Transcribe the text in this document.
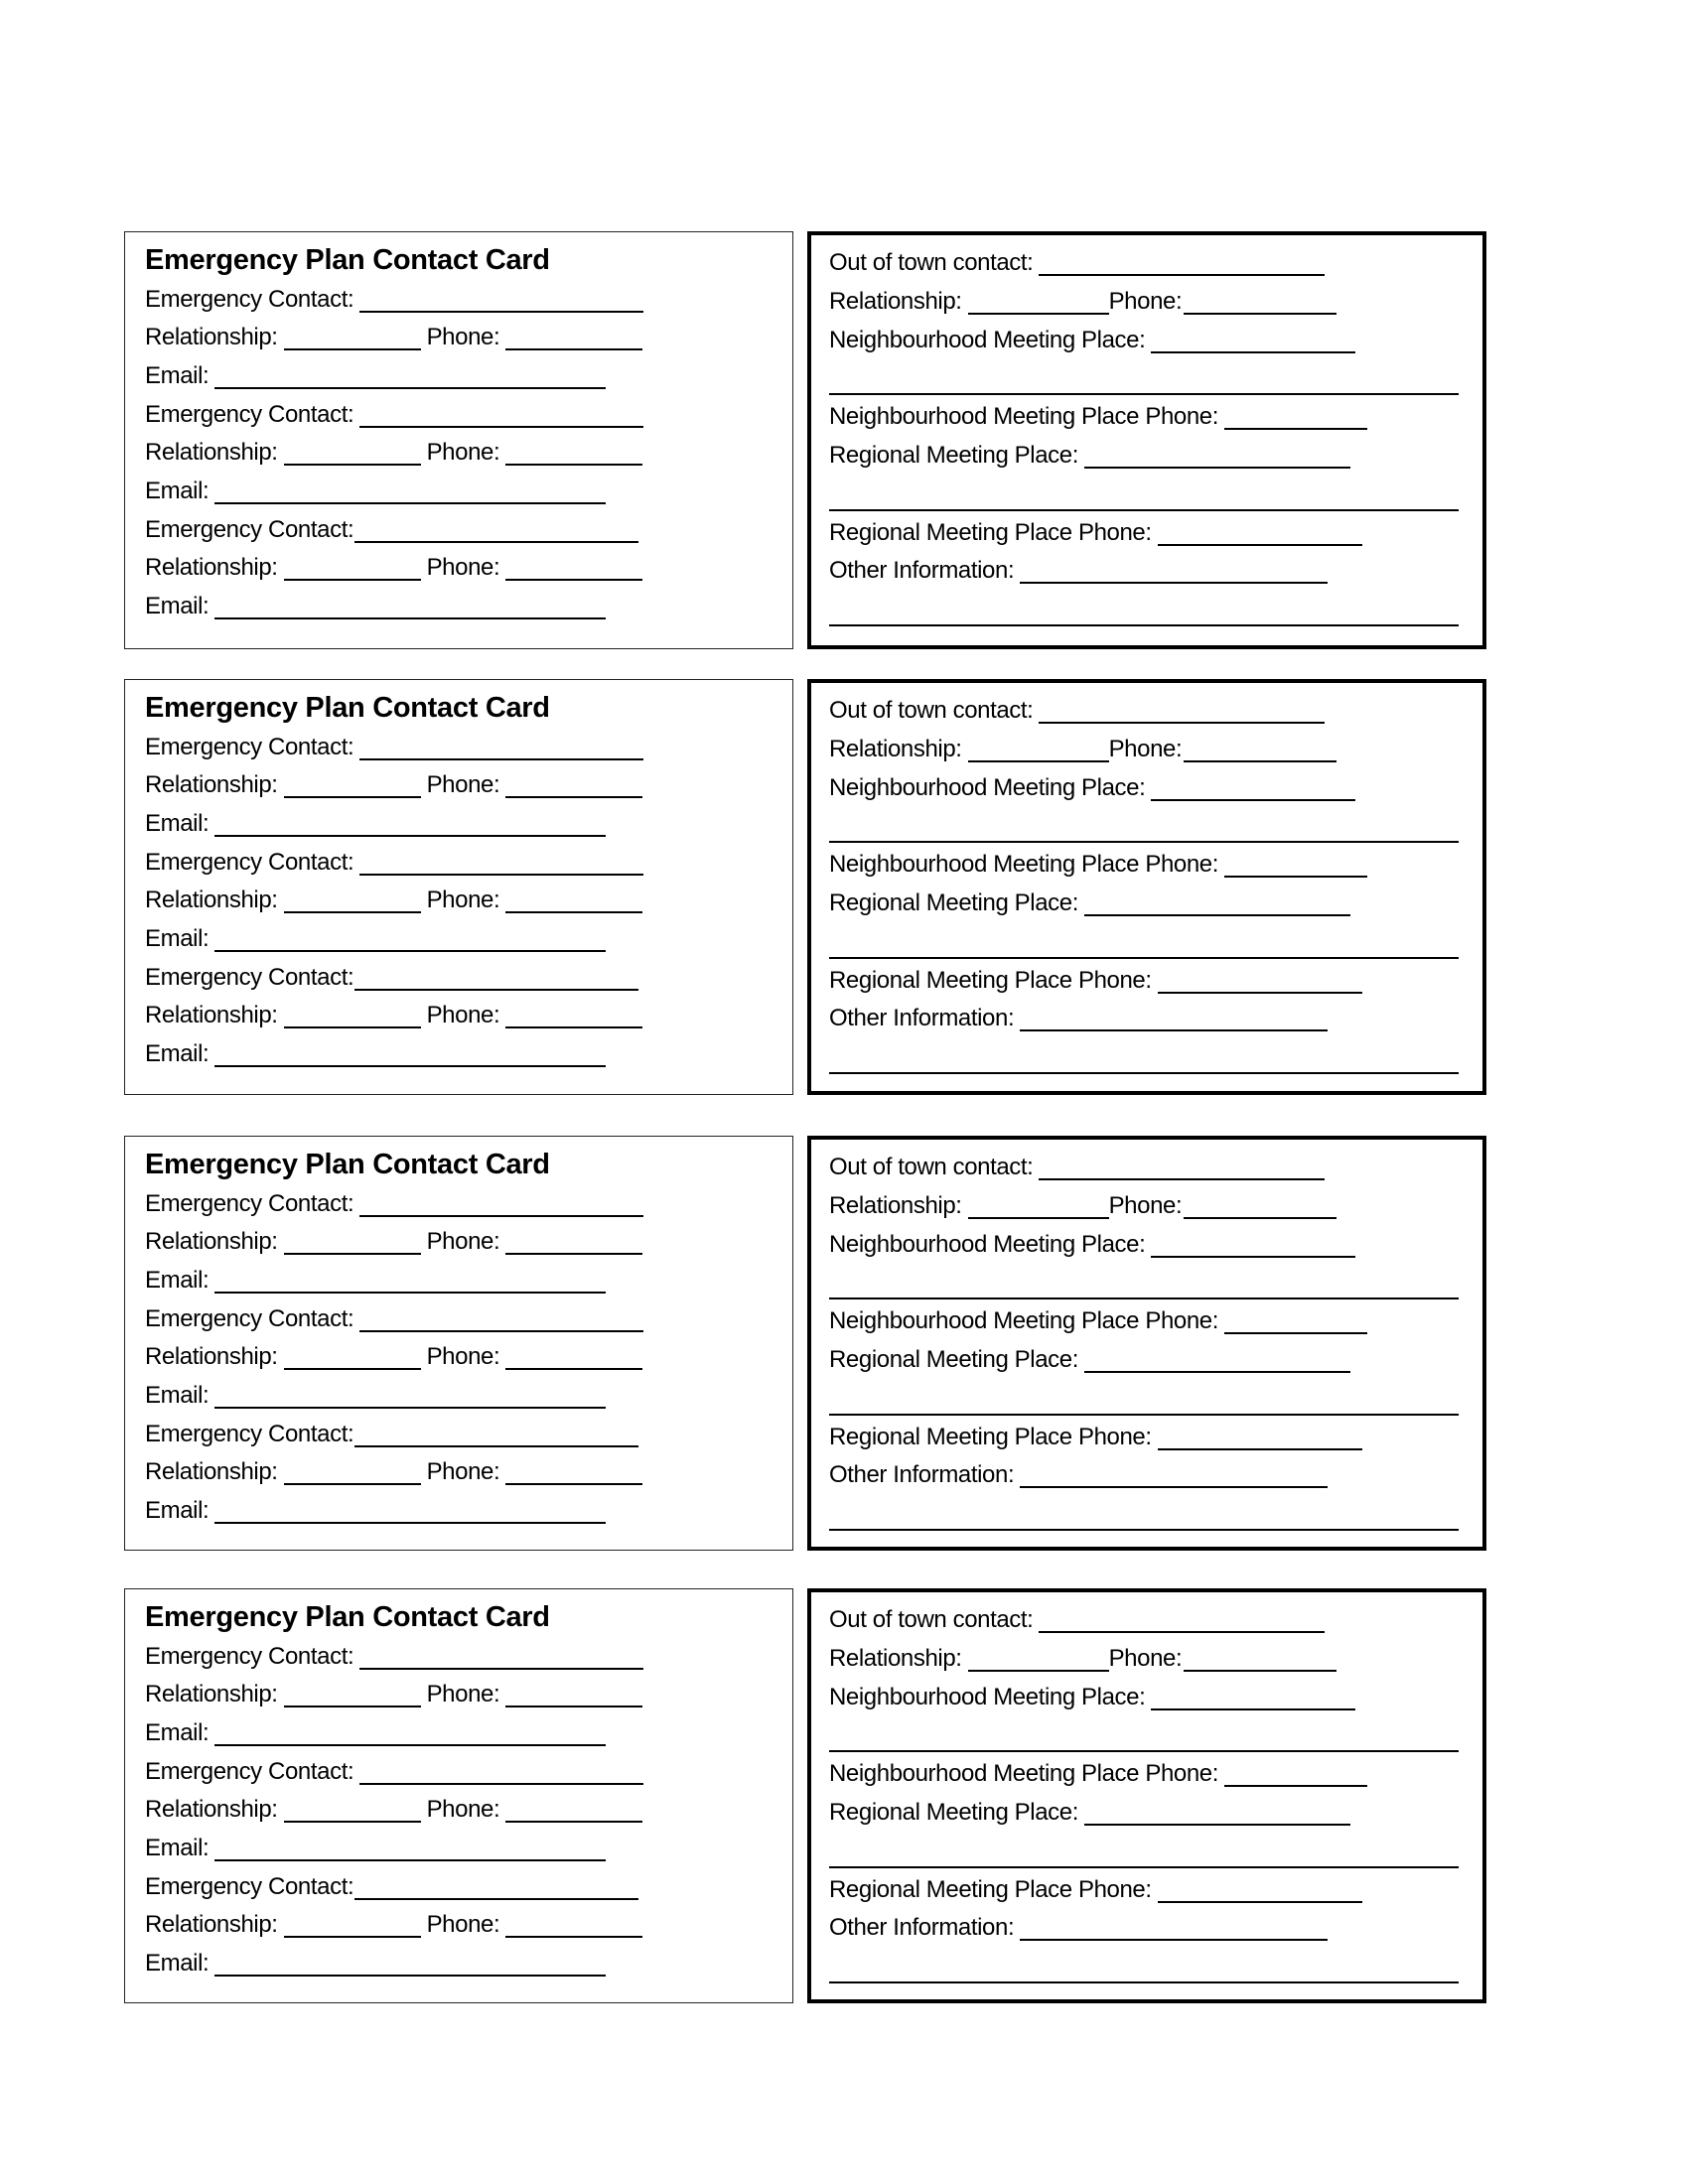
Emergency Plan Contact Card
Emergency Contact:
Relationship:	Phone:
Email:
Emergency Contact:
Relationship:	Phone:
Email:
Emergency Contact:
Relationship:	Phone:
Email:
Out of town contact:
Relationship:	Phone:
Neighbourhood Meeting Place:
Neighbourhood Meeting Place Phone:
Regional Meeting Place:
Regional Meeting Place Phone:
Other Information:
Emergency Plan Contact Card
Emergency Contact:
Relationship:	Phone:
Email:
Emergency Contact:
Relationship:	Phone:
Email:
Emergency Contact:
Relationship:	Phone:
Email:
Out of town contact:
Relationship:	Phone:
Neighbourhood Meeting Place:
Neighbourhood Meeting Place Phone:
Regional Meeting Place:
Regional Meeting Place Phone:
Other Information:
Emergency Plan Contact Card
Emergency Contact:
Relationship:	Phone:
Email:
Emergency Contact:
Relationship:	Phone:
Email:
Emergency Contact:
Relationship:	Phone:
Email:
Out of town contact:
Relationship:	Phone:
Neighbourhood Meeting Place:
Neighbourhood Meeting Place Phone:
Regional Meeting Place:
Regional Meeting Place Phone:
Other Information:
Emergency Plan Contact Card
Emergency Contact:
Relationship:	Phone:
Email:
Emergency Contact:
Relationship:	Phone:
Email:
Emergency Contact:
Relationship:	Phone:
Email:
Out of town contact:
Relationship:	Phone:
Neighbourhood Meeting Place:
Neighbourhood Meeting Place Phone:
Regional Meeting Place:
Regional Meeting Place Phone:
Other Information:
